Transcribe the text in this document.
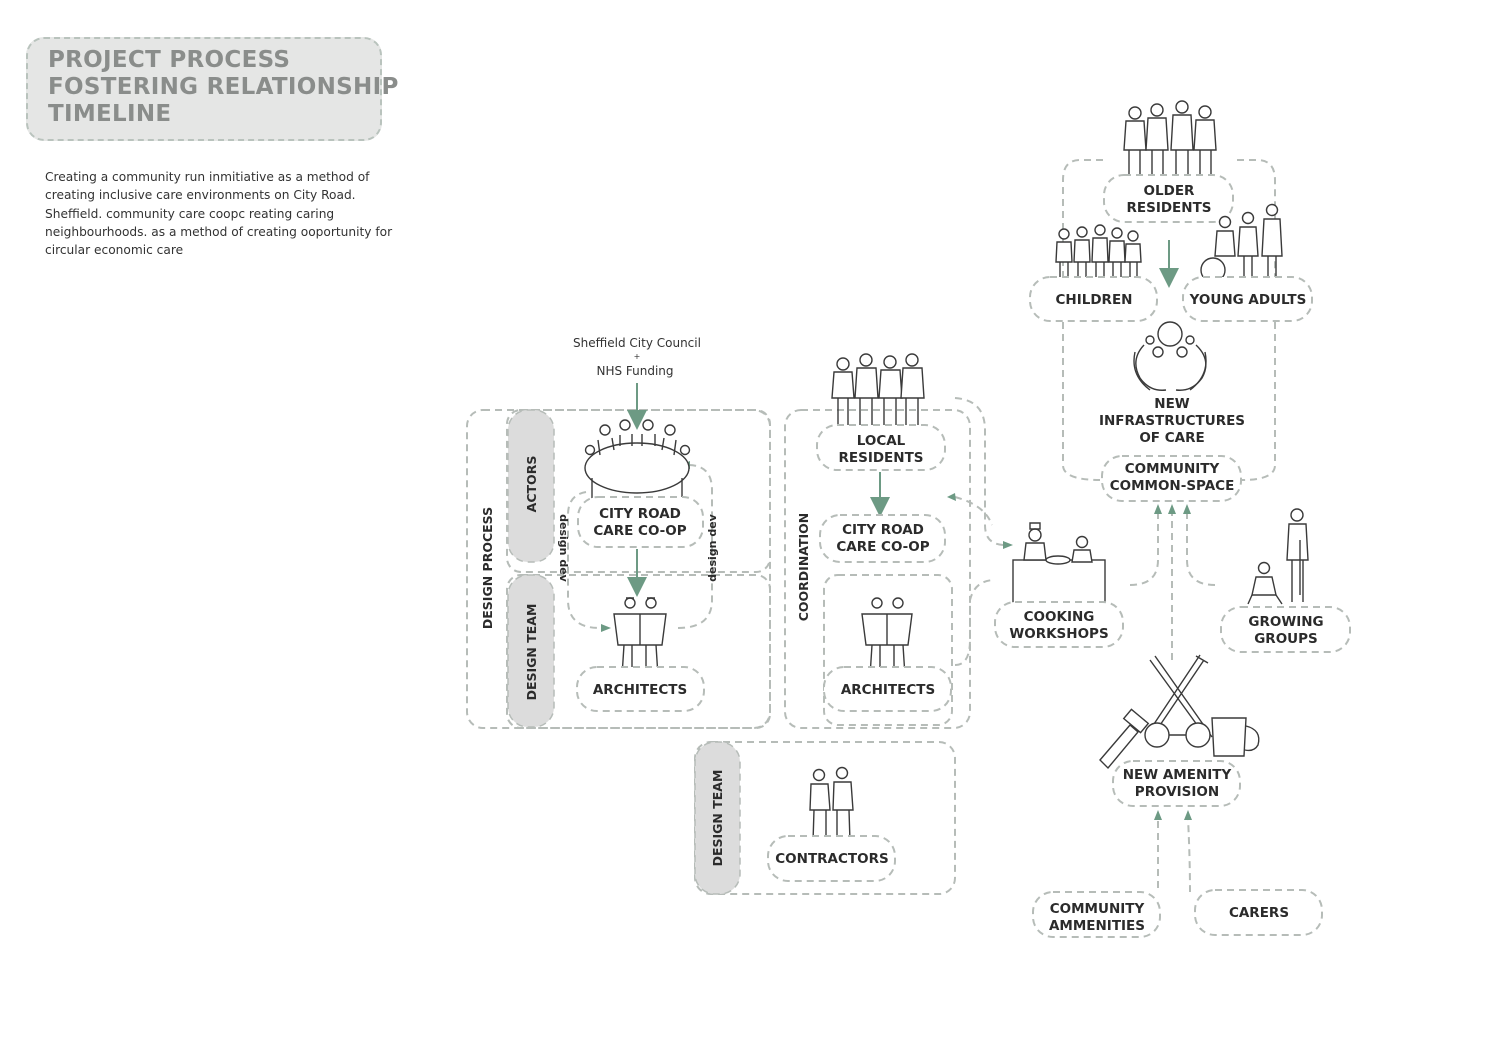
PROJECT PROCESS
FOSTERING RELATIONSHIP
TIMELINE
Creating a community run inmitiative as a method of creating inclusive care environments on City Road. Sheffield. community care coopc reating caring neighbourhoods. as a method of creating ooportunity for circular economic care
DESIGN PROCESS
ACTORS
DESIGN TEAM
design dev	design dev
Sheffield City Council
+
NHS Funding
CITY ROAD
CARE CO-OP
ARCHITECTS
COORDINATION
LOCAL
RESIDENTS
CITY ROAD
CARE CO-OP
ARCHITECTS
DESIGN TEAM	CONTRACTORS
OLDER
RESIDENTS
CHILDREN	YOUNG ADULTS
NEW
INFRASTRUCTURES
OF CARE
COMMUNITY
COMMON-SPACE
COOKING
WORKSHOPS
GROWING
GROUPS
NEW AMENITY
PROVISION
COMMUNITY
AMMENITIES
CARERS
